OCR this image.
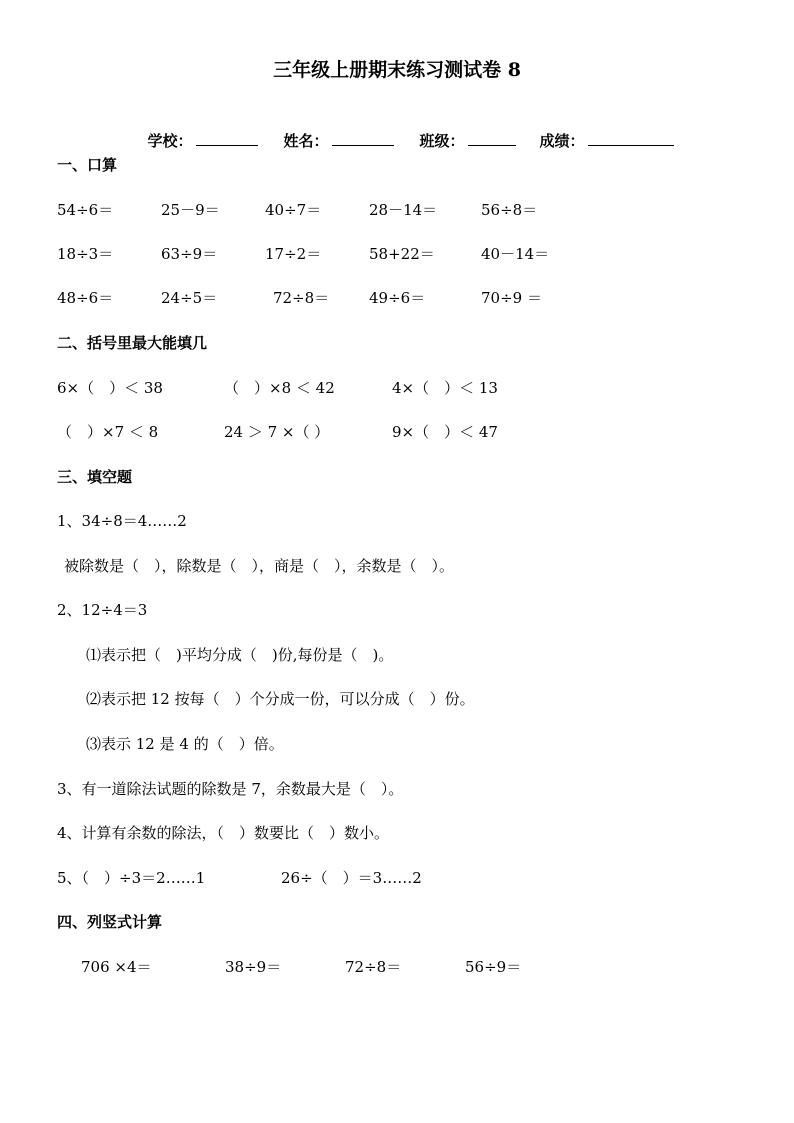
三年级上册期末练习测试卷 8

学校：	姓名：	班级：	成绩：

一、口算
54÷6＝	25－9＝	40÷7＝	28－14＝	56÷8＝
18÷3＝	63÷9＝	17÷2＝	58+22＝	40－14＝
48÷6＝	24÷5＝	72÷8＝	49÷6＝	70÷9 ＝
二、括号里最大能填几
6×（　）＜ 38	（　）×8 ＜ 42	4×（　）＜ 13
（　）×7 ＜ 8	24 ＞ 7 ×（ ）	9×（　）＜ 47
三、填空题
1、34÷8＝4……2
被除数是（　），除数是（　），商是（　），余数是（　）。
2、12÷4＝3
⑴表示把（　)平均分成（　)份,每份是（　)。
⑵表示把 12 按每（　）个分成一份，可以分成（　）份。
⑶表示 12 是 4 的（　）倍。
3、有一道除法试题的除数是 7，余数最大是（　）。
4、计算有余数的除法，（　）数要比（　）数小。
5、（　）÷3＝2……1	26÷（　）＝3……2
四、列竖式计算
706 ×4＝	38÷9＝	72÷8＝	56÷9＝
